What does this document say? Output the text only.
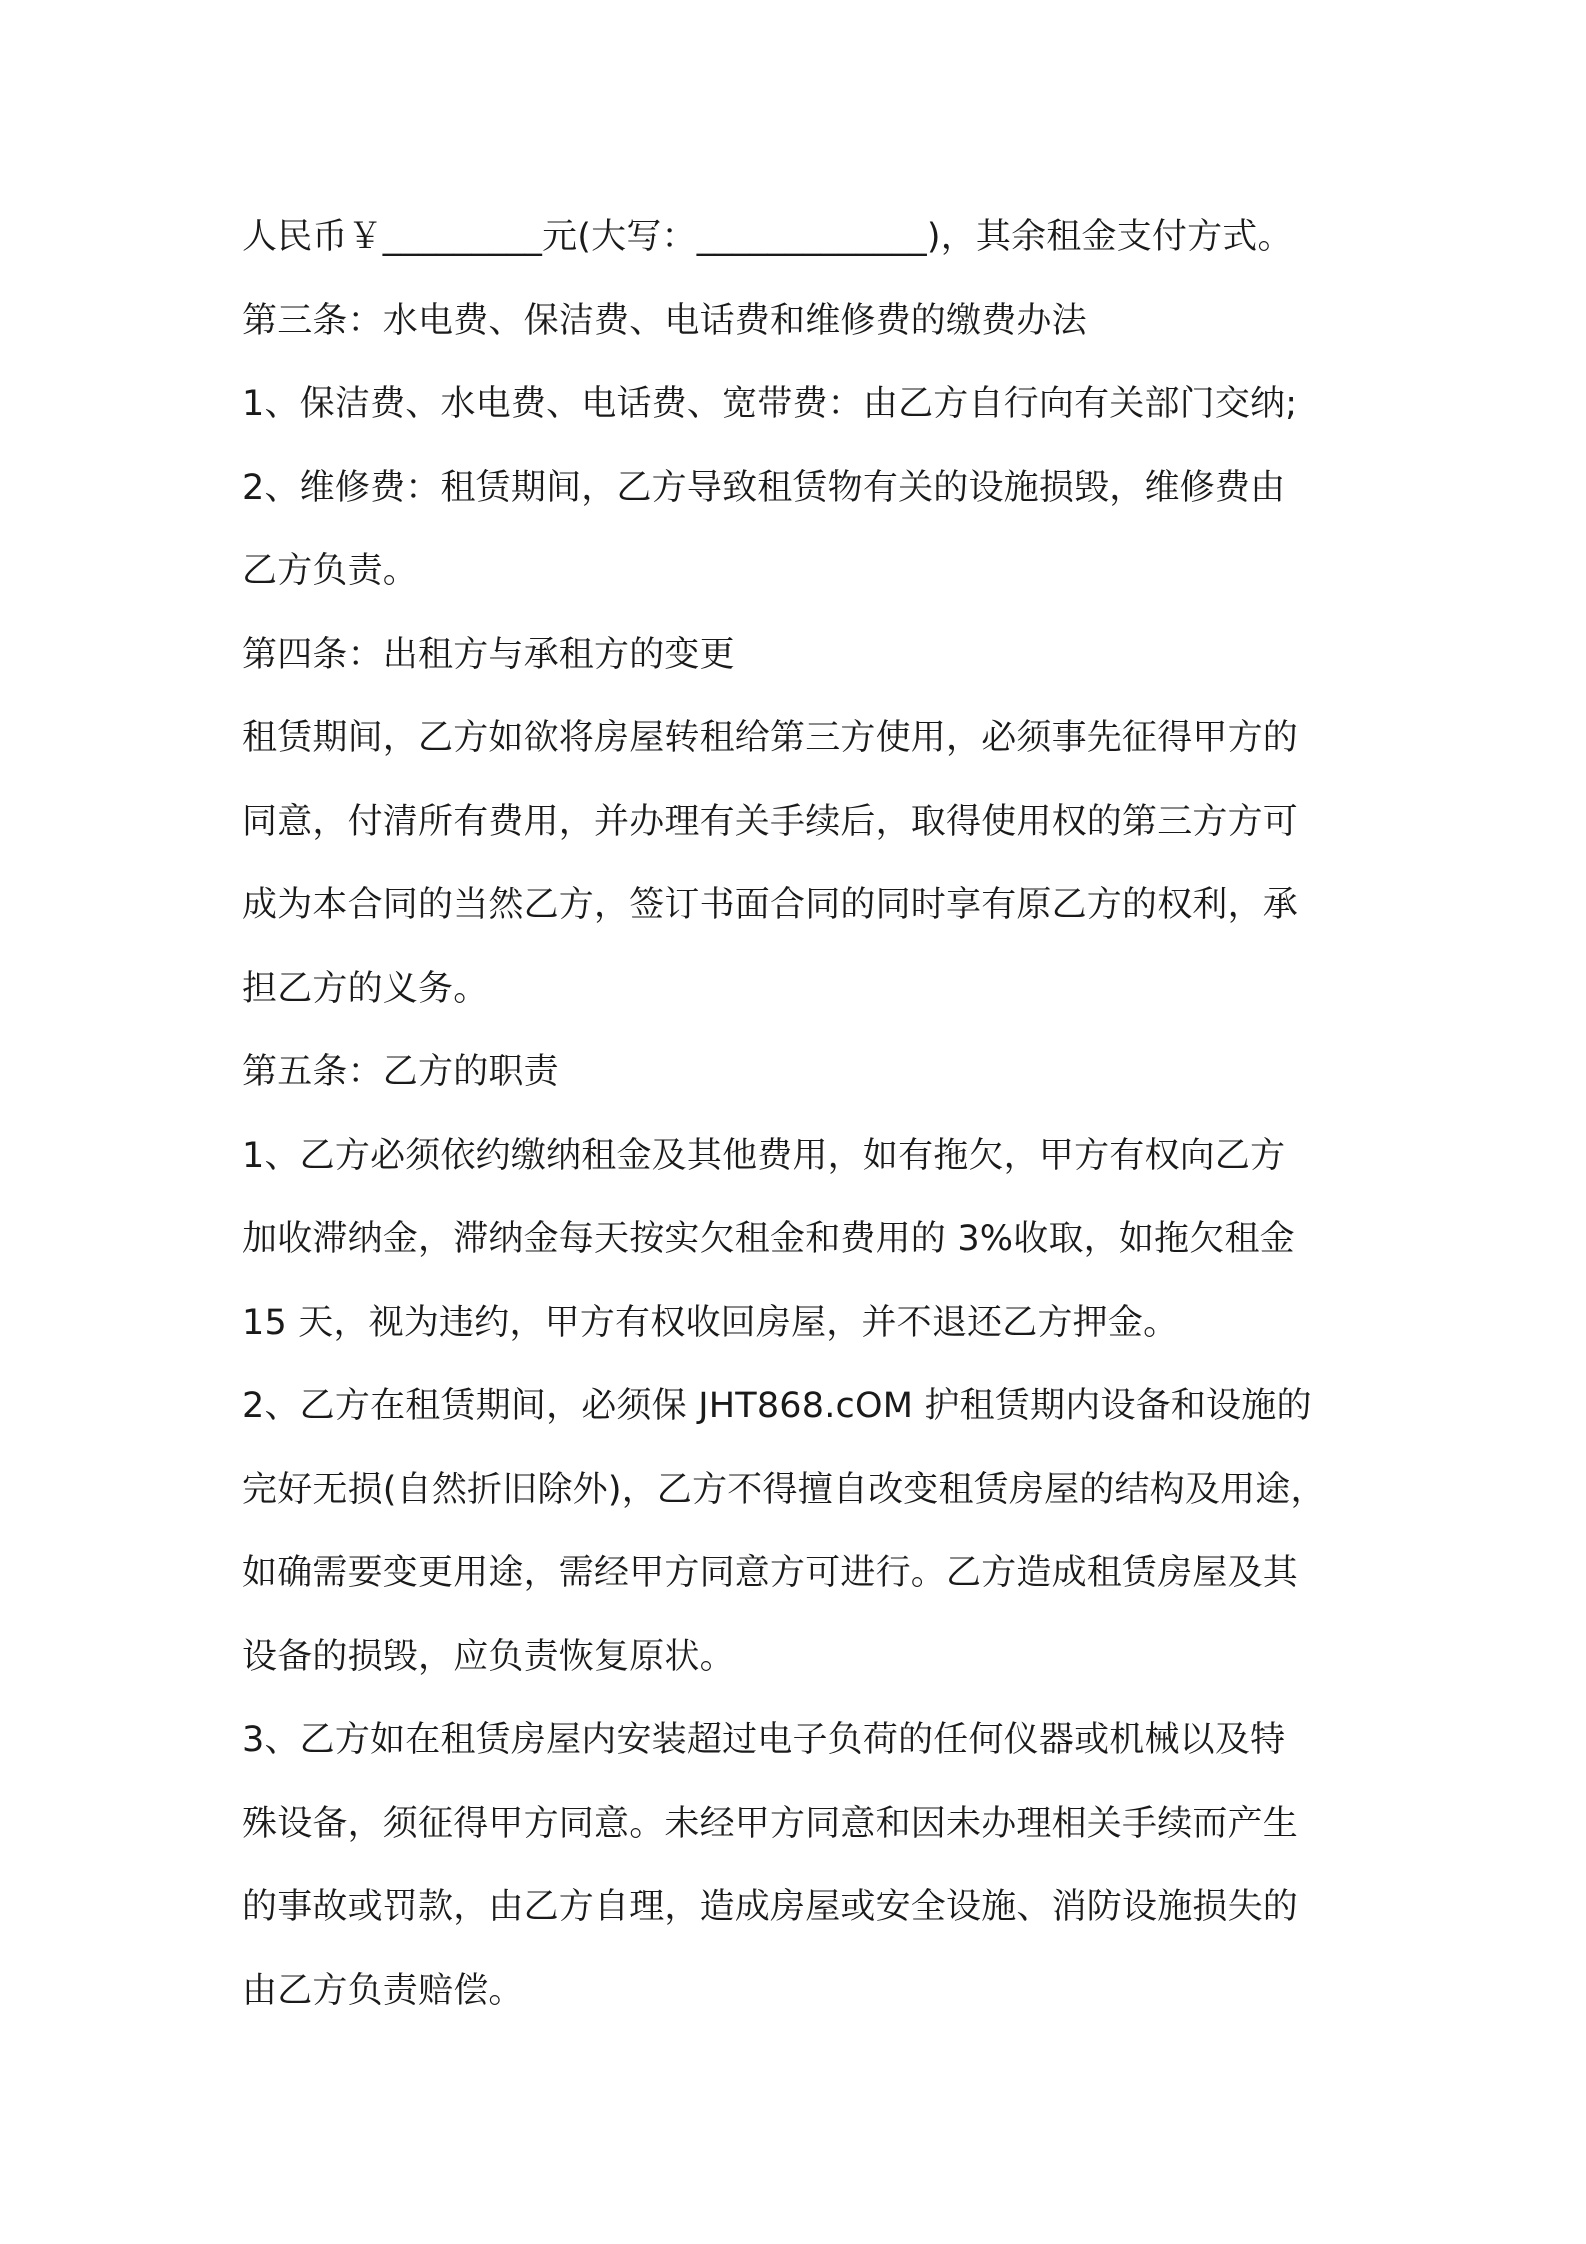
人民币￥_________元(大写：_____________)，其余租金支付方式。
第三条：水电费、保洁费、电话费和维修费的缴费办法
1、保洁费、水电费、电话费、宽带费：由乙方自行向有关部门交纳;
2、维修费：租赁期间，乙方导致租赁物有关的设施损毁，维修费由
乙方负责。
第四条：出租方与承租方的变更
租赁期间，乙方如欲将房屋转租给第三方使用，必须事先征得甲方的
同意，付清所有费用，并办理有关手续后，取得使用权的第三方方可
成为本合同的当然乙方，签订书面合同的同时享有原乙方的权利，承
担乙方的义务。
第五条：乙方的职责
1、乙方必须依约缴纳租金及其他费用，如有拖欠，甲方有权向乙方
加收滞纳金，滞纳金每天按实欠租金和费用的 3%收取，如拖欠租金
15 天，视为违约，甲方有权收回房屋，并不退还乙方押金。
2、乙方在租赁期间，必须保 JHT868.cOM 护租赁期内设备和设施的
完好无损(自然折旧除外)，乙方不得擅自改变租赁房屋的结构及用途，
如确需要变更用途，需经甲方同意方可进行。乙方造成租赁房屋及其
设备的损毁，应负责恢复原状。
3、乙方如在租赁房屋内安装超过电子负荷的任何仪器或机械以及特
殊设备，须征得甲方同意。未经甲方同意和因未办理相关手续而产生
的事故或罚款，由乙方自理，造成房屋或安全设施、消防设施损失的
由乙方负责赔偿。
